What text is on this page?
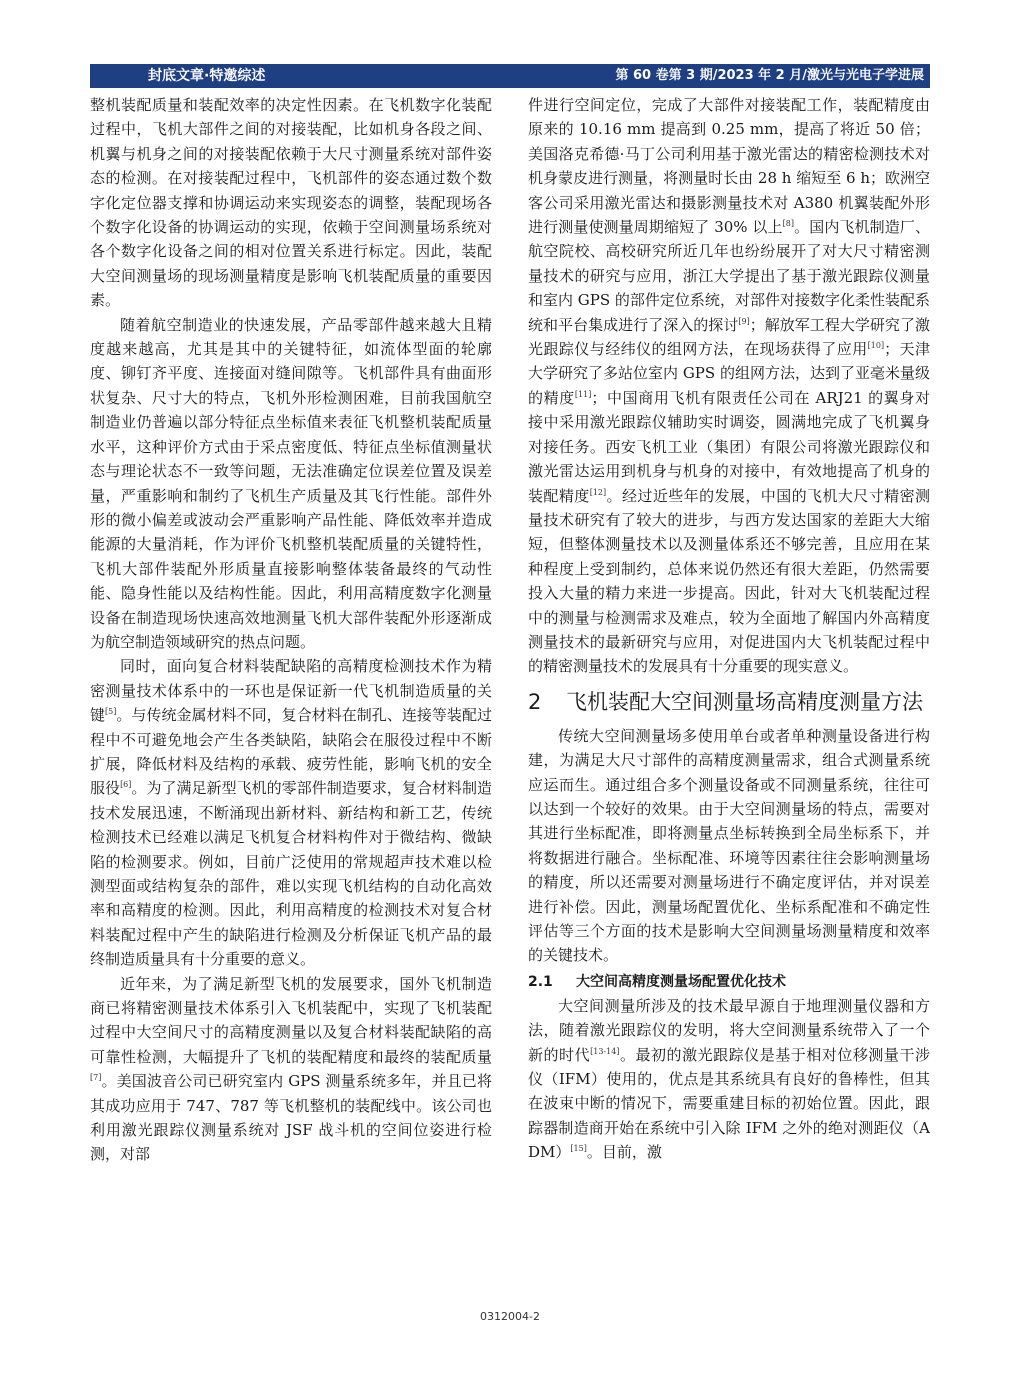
封底文章·特邀综述	第 60 卷第 3 期/2023 年 2 月/激光与光电子学进展

整机装配质量和装配效率的决定性因素。在飞机数字化装配过程中，飞机大部件之间的对接装配，比如机身各段之间、机翼与机身之间的对接装配依赖于大尺寸测量系统对部件姿态的检测。在对接装配过程中，飞机部件的姿态通过数个数字化定位器支撑和协调运动来实现姿态的调整，装配现场各个数字化设备的协调运动的实现，依赖于空间测量场系统对各个数字化设备之间的相对位置关系进行标定。因此，装配大空间测量场的现场测量精度是影响飞机装配质量的重要因素。

随着航空制造业的快速发展，产品零部件越来越大且精度越来越高，尤其是其中的关键特征，如流体型面的轮廓度、铆钉齐平度、连接面对缝间隙等。飞机部件具有曲面形状复杂、尺寸大的特点，飞机外形检测困难，目前我国航空制造业仍普遍以部分特征点坐标值来表征飞机整机装配质量水平，这种评价方式由于采点密度低、特征点坐标值测量状态与理论状态不一致等问题，无法准确定位误差位置及误差量，严重影响和制约了飞机生产质量及其飞行性能。部件外形的微小偏差或波动会严重影响产品性能、降低效率并造成能源的大量消耗，作为评价飞机整机装配质量的关键特性，飞机大部件装配外形质量直接影响整体装备最终的气动性能、隐身性能以及结构性能。因此，利用高精度数字化测量设备在制造现场快速高效地测量飞机大部件装配外形逐渐成为航空制造领域研究的热点问题。

同时，面向复合材料装配缺陷的高精度检测技术作为精密测量技术体系中的一环也是保证新一代飞机制造质量的关键[5]。与传统金属材料不同，复合材料在制孔、连接等装配过程中不可避免地会产生各类缺陷，缺陷会在服役过程中不断扩展，降低材料及结构的承载、疲劳性能，影响飞机的安全服役[6]。为了满足新型飞机的零部件制造要求，复合材料制造技术发展迅速，不断涌现出新材料、新结构和新工艺，传统检测技术已经难以满足飞机复合材料构件对于微结构、微缺陷的检测要求。例如，目前广泛使用的常规超声技术难以检测型面或结构复杂的部件，难以实现飞机结构的自动化高效率和高精度的检测。因此，利用高精度的检测技术对复合材料装配过程中产生的缺陷进行检测及分析保证飞机产品的最终制造质量具有十分重要的意义。

近年来，为了满足新型飞机的发展要求，国外飞机制造商已将精密测量技术体系引入飞机装配中，实现了飞机装配过程中大空间尺寸的高精度测量以及复合材料装配缺陷的高可靠性检测，大幅提升了飞机的装配精度和最终的装配质量[7]。美国波音公司已研究室内 GPS 测量系统多年，并且已将其成功应用于 747、787 等飞机整机的装配线中。该公司也利用激光跟踪仪测量系统对 JSF 战斗机的空间位姿进行检测，对部

件进行空间定位，完成了大部件对接装配工作，装配精度由原来的 10.16 mm 提高到 0.25 mm，提高了将近 50 倍；美国洛克希德·马丁公司利用基于激光雷达的精密检测技术对机身蒙皮进行测量，将测量时长由 28 h 缩短至 6 h；欧洲空客公司采用激光雷达和摄影测量技术对 A380 机翼装配外形进行测量使测量周期缩短了 30% 以上[8]。国内飞机制造厂、航空院校、高校研究所近几年也纷纷展开了对大尺寸精密测量技术的研究与应用，浙江大学提出了基于激光跟踪仪测量和室内 GPS 的部件定位系统，对部件对接数字化柔性装配系统和平台集成进行了深入的探讨[9]；解放军工程大学研究了激光跟踪仪与经纬仪的组网方法，在现场获得了应用[10]；天津大学研究了多站位室内 GPS 的组网方法，达到了亚毫米量级的精度[11]；中国商用飞机有限责任公司在 ARJ21 的翼身对接中采用激光跟踪仪辅助实时调姿，圆满地完成了飞机翼身对接任务。西安飞机工业（集团）有限公司将激光跟踪仪和激光雷达运用到机身与机身的对接中，有效地提高了机身的装配精度[12]。经过近些年的发展，中国的飞机大尺寸精密测量技术研究有了较大的进步，与西方发达国家的差距大大缩短，但整体测量技术以及测量体系还不够完善，且应用在某种程度上受到制约，总体来说仍然还有很大差距，仍然需要投入大量的精力来进一步提高。因此，针对大飞机装配过程中的测量与检测需求及难点，较为全面地了解国内外高精度测量技术的最新研究与应用，对促进国内大飞机装配过程中的精密测量技术的发展具有十分重要的现实意义。

2	飞机装配大空间测量场高精度测量方法

传统大空间测量场多使用单台或者单种测量设备进行构建，为满足大尺寸部件的高精度测量需求，组合式测量系统应运而生。通过组合多个测量设备或不同测量系统，往往可以达到一个较好的效果。由于大空间测量场的特点，需要对其进行坐标配准，即将测量点坐标转换到全局坐标系下，并将数据进行融合。坐标配准、环境等因素往往会影响测量场的精度，所以还需要对测量场进行不确定度评估，并对误差进行补偿。因此，测量场配置优化、坐标系配准和不确定性评估等三个方面的技术是影响大空间测量场测量精度和效率的关键技术。

2.1 大空间高精度测量场配置优化技术

大空间测量所涉及的技术最早源自于地理测量仪器和方法，随着激光跟踪仪的发明，将大空间测量系统带入了一个新的时代[13-14]。最初的激光跟踪仪是基于相对位移测量干涉仪（IFM）使用的，优点是其系统具有良好的鲁棒性，但其在波束中断的情况下，需要重建目标的初始位置。因此，跟踪器制造商开始在系统中引入除 IFM 之外的绝对测距仪（ADM）[15]。目前，激

0312004-2
